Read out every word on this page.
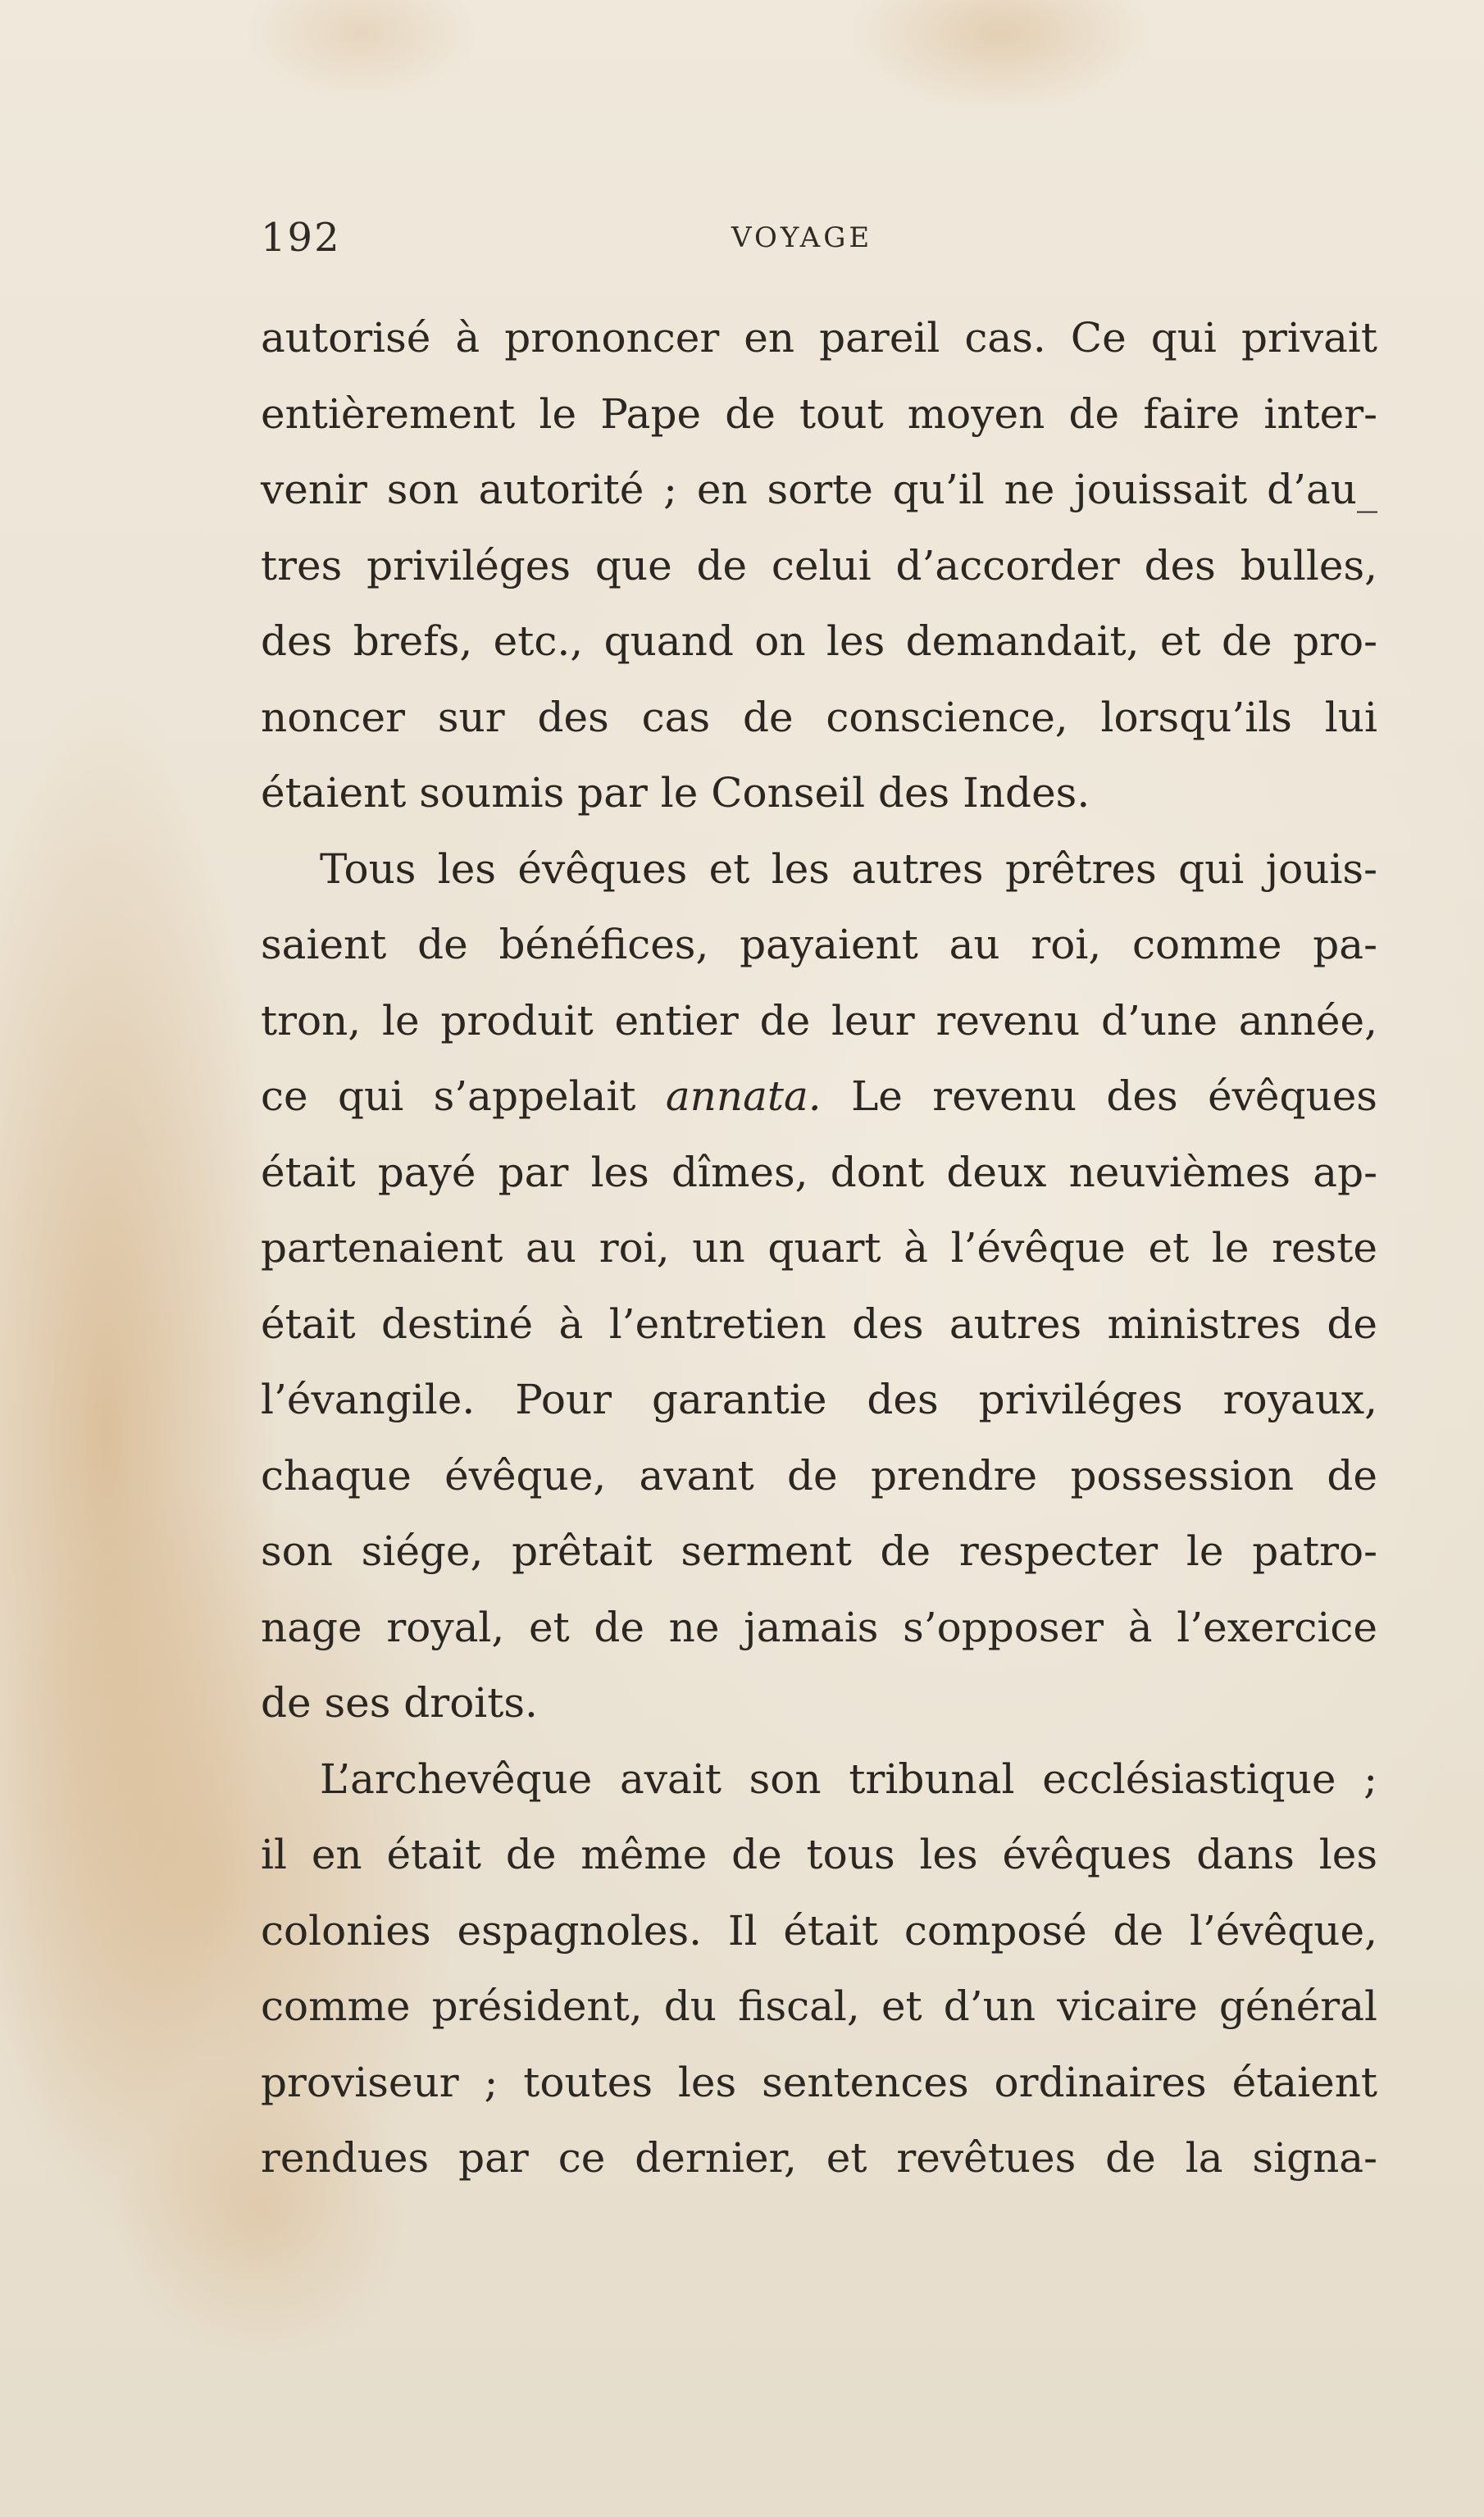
192	VOYAGE
autorisé à prononcer en pareil cas. Ce qui privait
entièrement le Pape de tout moyen de faire inter-
venir son autorité ; en sorte qu’il ne jouissait d’au_
tres priviléges que de celui d’accorder des bulles,
des brefs, etc., quand on les demandait, et de pro-
noncer sur des cas de conscience, lorsqu’ils lui
étaient soumis par le Conseil des Indes.
Tous les évêques et les autres prêtres qui jouis-
saient de bénéfices, payaient au roi, comme pa-
tron, le produit entier de leur revenu d’une année,
ce qui s’appelait annata. Le revenu des évêques
était payé par les dîmes, dont deux neuvièmes ap-
partenaient au roi, un quart à l’évêque et le reste
était destiné à l’entretien des autres ministres de
l’évangile. Pour garantie des priviléges royaux,
chaque évêque, avant de prendre possession de
son siége, prêtait serment de respecter le patro-
nage royal, et de ne jamais s’opposer à l’exercice
de ses droits.
L’archevêque avait son tribunal ecclésiastique ;
il en était de même de tous les évêques dans les
colonies espagnoles. Il était composé de l’évêque,
comme président, du fiscal, et d’un vicaire général
proviseur ; toutes les sentences ordinaires étaient
rendues par ce dernier, et revêtues de la signa-
